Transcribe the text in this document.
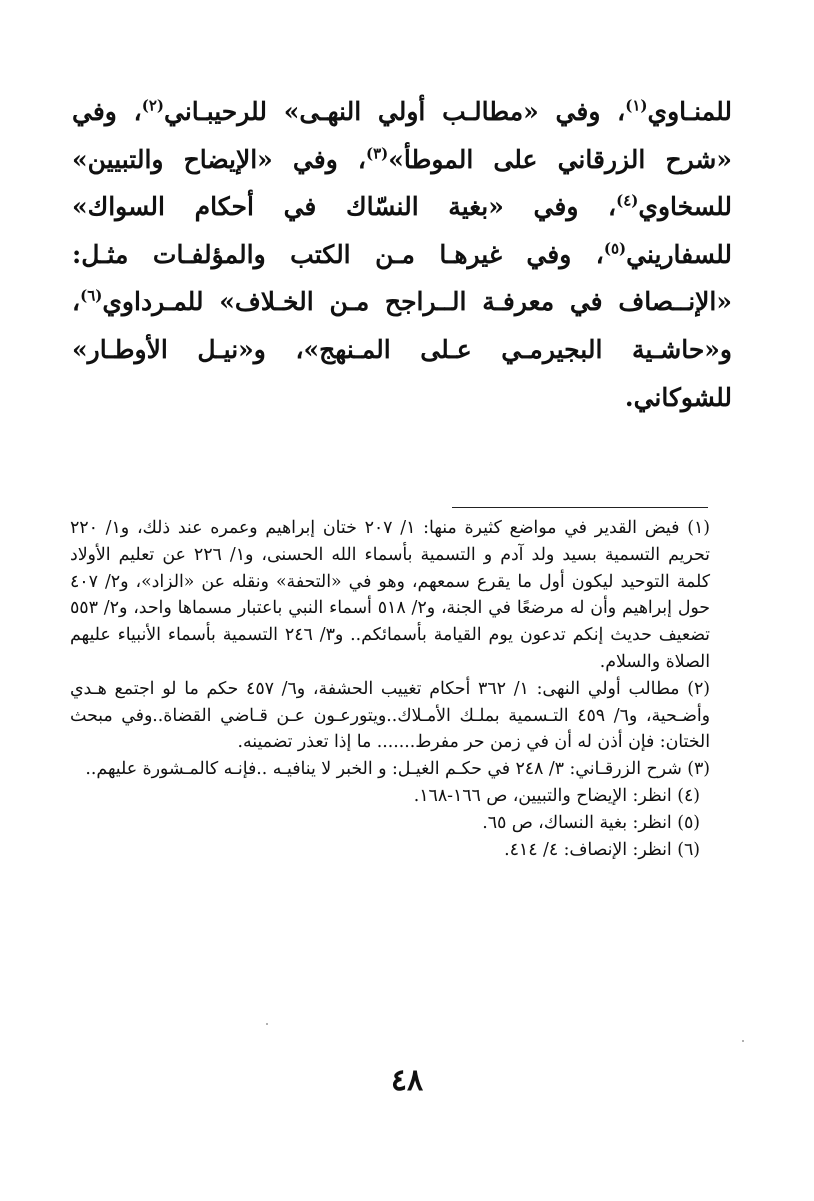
للمنـاوي$^{(١)}$، وفي «مطالـب أولي النهـى» للرحيبـاني$^{(٢)}$، وفي «شرح الزرقاني على الموطأ»$^{(٣)}$، وفي «الإيضاح والتبيين» للسخاوي$^{(٤)}$، وفي «بغية النسّاك في أحكام السواك» للسفاريني$^{(٥)}$، وفي غيرهـا مـن الكتب والمؤلفـات مثـل: «الإنــصاف في معرفـة الــراجح مـن الخـلاف» للمـرداوي$^{(٦)}$، و«حاشـية البجيرمـي عـلى المـنهج»، و«نيـل الأوطـار» للشوكاني.

(١) فيض القدير في مواضع كثيرة منها: ١/ ٢٠٧ ختان إبراهيم وعمره عند ذلك، و١/ ٢٢٠ تحريم التسمية بسيد ولد آدم و التسمية بأسماء الله الحسنى، و١/ ٢٢٦ عن تعليم الأولاد كلمة التوحيد ليكون أول ما يقرع سمعهم، وهو في «التحفة» ونقله عن «الزاد»، و٢/ ٤٠٧ حول إبراهيم وأن له مرضعًا في الجنة، و٢/ ٥١٨ أسماء النبي باعتبار مسماها واحد، و٢/ ٥٥٣ تضعيف حديث إنكم تدعون يوم القيامة بأسمائكم.. و٣/ ٢٤٦ التسمية بأسماء الأنبياء عليهم الصلاة والسلام.

(٢) مطالب أولي النهى: ١/ ٣٦٢ أحكام تغييب الحشفة، و٦/ ٤٥٧ حكم ما لو اجتمع هـدي وأضـحية، و٦/ ٤٥٩ التـسمية بملـك الأمـلاك..ويتورعـون عـن قـاضي القضاة..وفي مبحث الختان: فإن أذن له أن في زمن حر مفرط....... ما إذا تعذر تضمينه.

(٣) شرح الزرقـاني: ٣/ ٢٤٨ في حكـم الغيـل: و الخبر لا ينافيـه ..فإنـه كالمـشورة عليهم..

(٤) انظر: الإيضاح والتبيين، ص ١٦٦-١٦٨.

(٥) انظر: بغية النساك، ص ٦٥.

(٦) انظر: الإنصاف: ٤/ ٤١٤.

٤٨
